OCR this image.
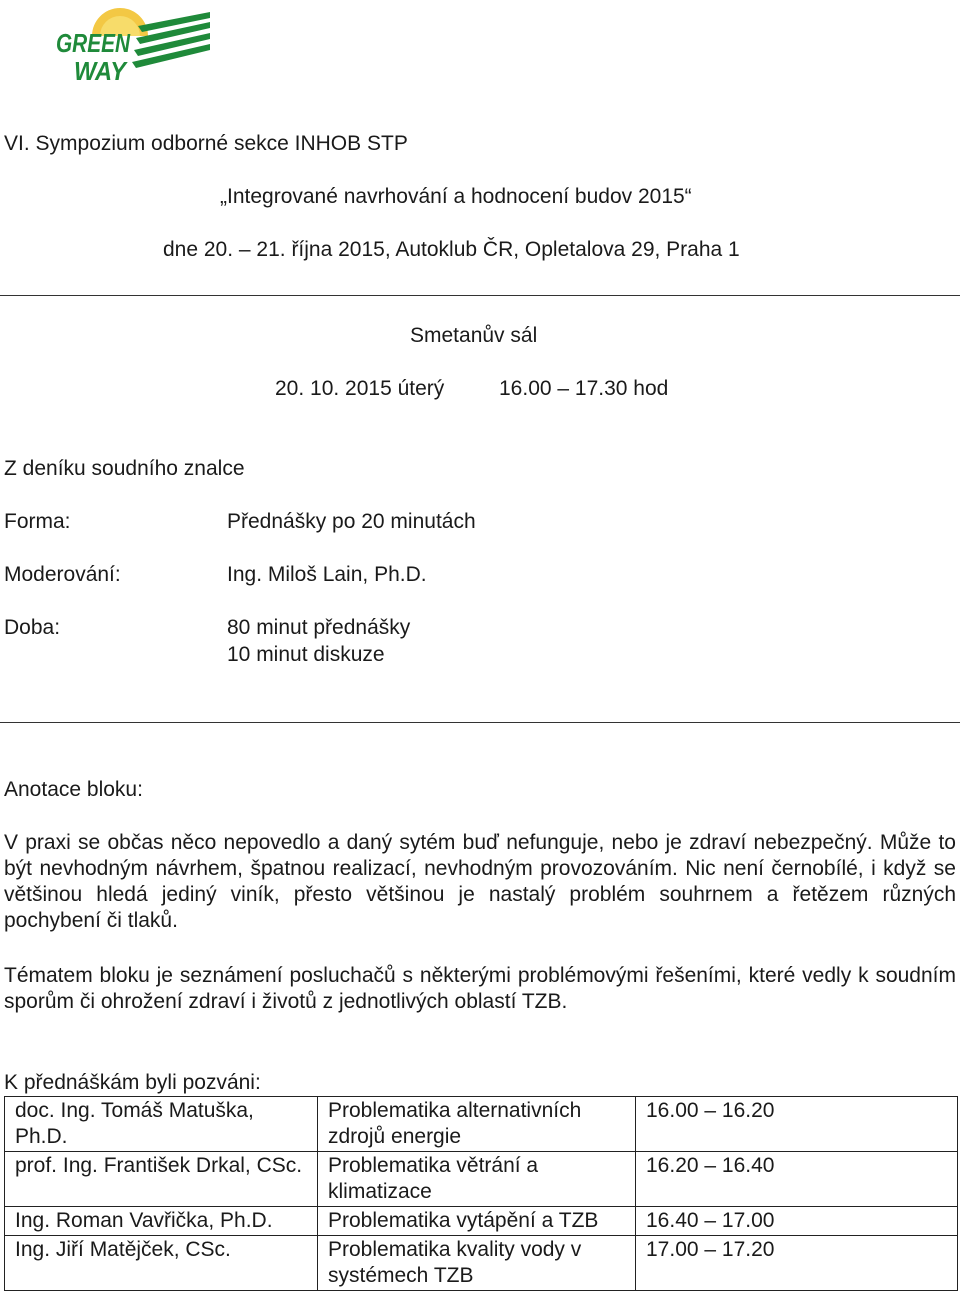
GREEN
WAY
VI. Sympozium odborné sekce INHOB STP
„Integrované navrhování a hodnocení budov 2015“
dne 20. – 21. října 2015, Autoklub ČR, Opletalova 29, Praha 1
Smetanův sál
20. 10. 2015 úterý	16.00 – 17.30 hod
Z deníku soudního znalce
Forma:	Přednášky po 20 minutách
Moderování:	Ing. Miloš Lain, Ph.D.
Doba:	80 minut přednášky
10 minut diskuze
Anotace bloku:
V praxi se občas něco nepovedlo a daný sytém buď nefunguje, nebo je zdraví nebezpečný. Může to být nevhodným návrhem, špatnou realizací, nevhodným provozováním. Nic není černobílé, i když se většinou hledá jediný viník, přesto většinou je nastalý problém souhrnem a řetězem různých pochybení či tlaků.
Tématem bloku je seznámení posluchačů s některými problémovými řešeními, které vedly k soudním sporům či ohrožení zdraví i životů z jednotlivých oblastí TZB.
K přednáškám byli pozváni:
doc. Ing. Tomáš Matuška, Ph.D.	Problematika alternativních zdrojů energie	16.00 – 16.20
prof. Ing. František Drkal, CSc.	Problematika větrání a klimatizace	16.20 – 16.40
Ing. Roman Vavřička, Ph.D.	Problematika vytápění a TZB	16.40 – 17.00
Ing. Jiří Matějček, CSc.	Problematika kvality vody v systémech TZB	17.00 – 17.20
